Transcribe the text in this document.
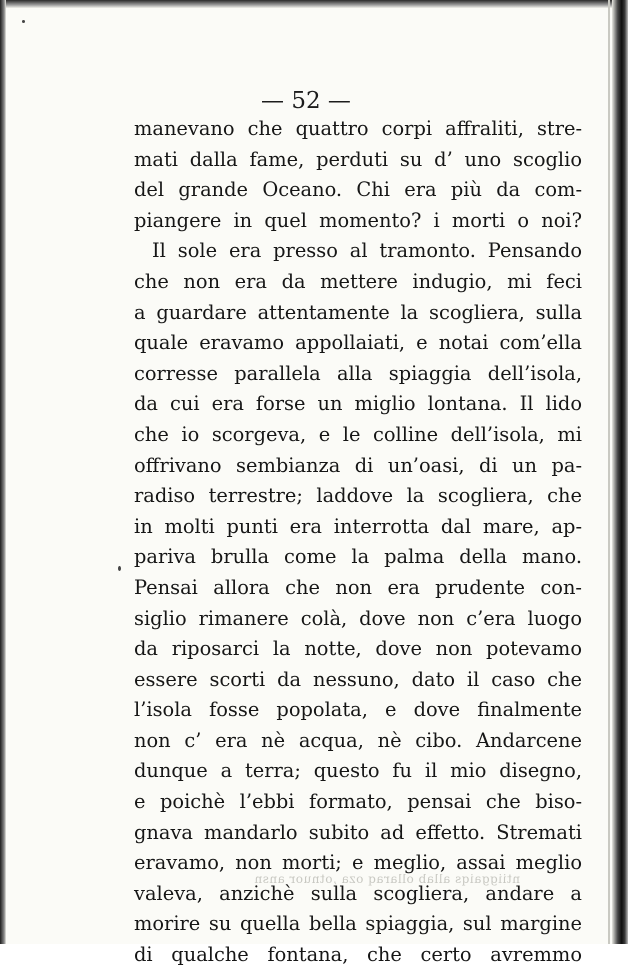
— 52 —
manevano che quattro corpi affraliti, stre-
mati dalla fame, perduti su d’ uno scoglio
del grande Oceano. Chi era più da com-
piangere in quel momento? i morti o noi?
Il sole era presso al tramonto. Pensando
che non era da mettere indugio, mi feci
a guardare attentamente la scogliera, sulla
quale eravamo appollaiati, e notai com’ella
corresse parallela alla spiaggia dell’isola,
da cui era forse un miglio lontana. Il lido
che io scorgeva, e le colline dell’isola, mi
offrivano sembianza di un’oasi, di un pa-
radiso terrestre; laddove la scogliera, che
in molti punti era interrotta dal mare, ap-
pariva brulla come la palma della mano.
Pensai allora che non era prudente con-
siglio rimanere colà, dove non c’era luogo
da riposarci la notte, dove non potevamo
essere scorti da nessuno, dato il caso che
l’isola fosse popolata, e dove finalmente
non c’ era nè acqua, nè cibo. Andarcene
dunque a terra; questo fu il mio disegno,
e poichè l’ebbi formato, pensai che biso-
gnava mandarlo subito ad effetto. Stremati
eravamo, non morti; e meglio, assai meglio
valeva, anzichè sulla scogliera, andare a
morire su quella bella spiaggia, sul margine
di qualche fontana, che certo avremmo
ntiiggaiqs allab ollaraq oza ,otnuor ansn
